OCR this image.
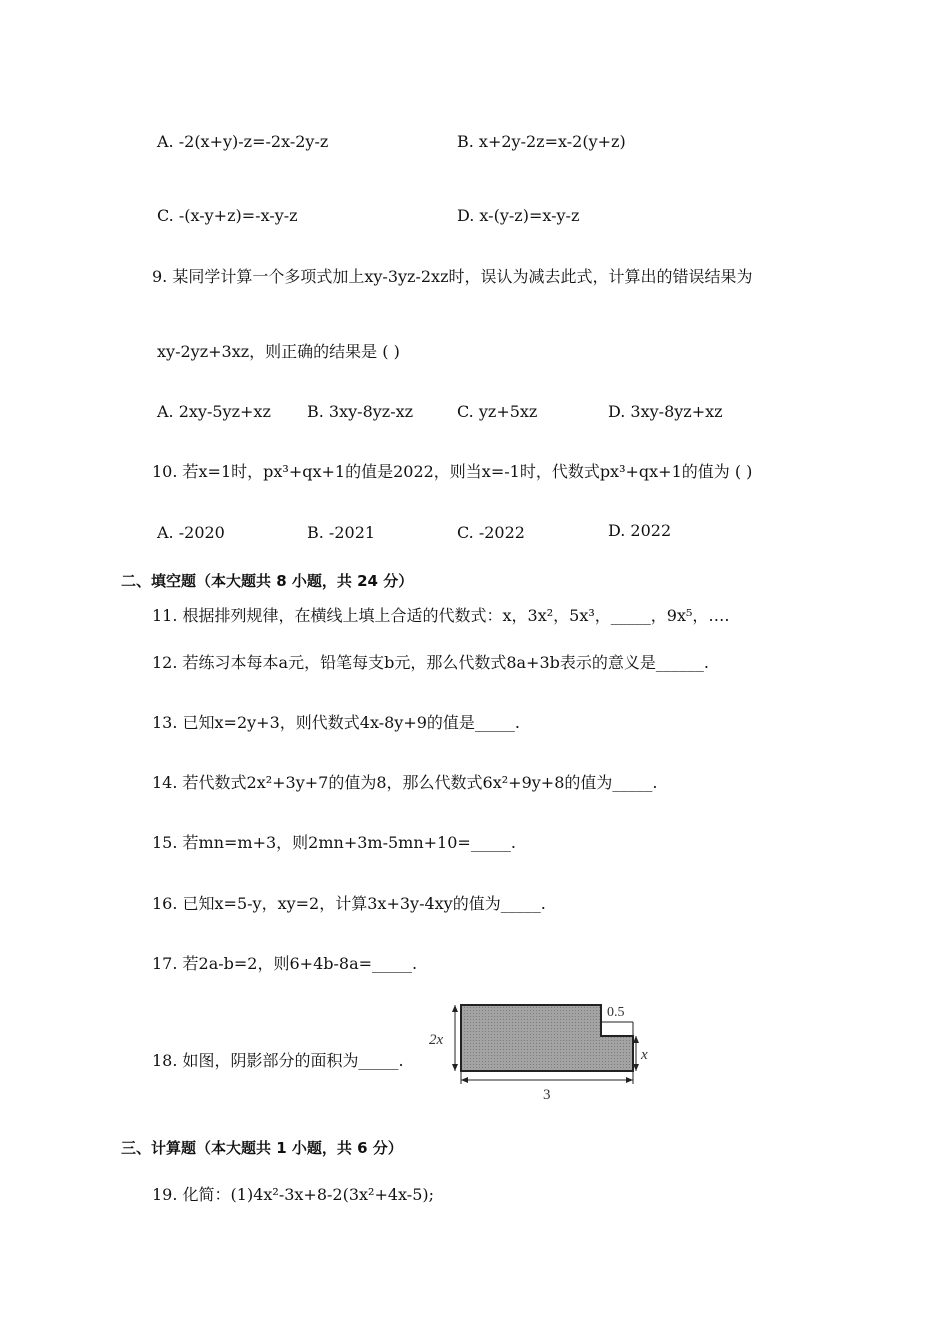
A. -2(x+y)-z=-2x-2y-z	B. x+2y-2z=x-2(y+z)
C. -(x-y+z)=-x-y-z	D. x-(y-z)=x-y-z
9. 某同学计算一个多项式加上xy-3yz-2xz时，误认为减去此式，计算出的错误结果为
xy-2yz+3xz，则正确的结果是 ( )
A. 2xy-5yz+xz B. 3xy-8yz-xz	C. yz+5xz	D. 3xy-8yz+xz
10. 若x=1时，px³+qx+1的值是2022，则当x=-1时，代数式px³+qx+1的值为 ( )
A. -2020	B. -2021	C. -2022	D. 2022
二、填空题（本大题共 8 小题，共 24 分）
11. 根据排列规律，在横线上填上合适的代数式：x，3x²，5x³，_____，9x⁵，….
12. 若练习本每本a元，铅笔每支b元，那么代数式8a+3b表示的意义是______.
13. 已知x=2y+3，则代数式4x-8y+9的值是_____.
14. 若代数式2x²+3y+7的值为8，那么代数式6x²+9y+8的值为_____.
15. 若mn=m+3，则2mn+3m-5mn+10=_____.
16. 已知x=5-y，xy=2，计算3x+3y-4xy的值为_____.
17. 若2a-b=2，则6+4b-8a=_____.
18. 如图，阴影部分的面积为_____.
2x
0.5
x
3
三、计算题（本大题共 1 小题，共 6 分）
19. 化简：(1)4x²-3x+8-2(3x²+4x-5);
